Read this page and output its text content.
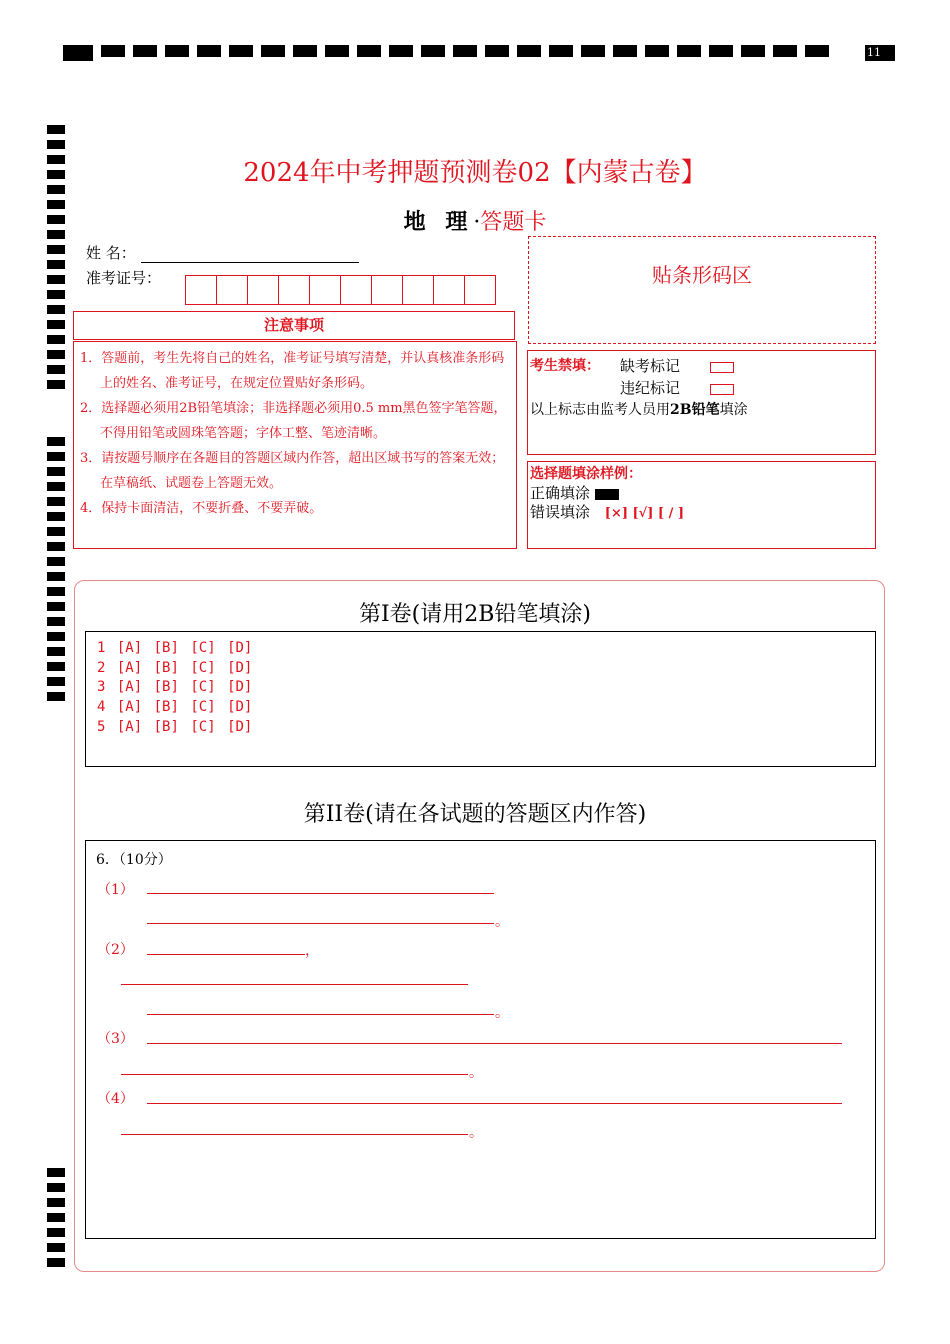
11
2024年中考押题预测卷02【内蒙古卷】
地 理·答题卡
姓 名：
准考证号：
注意事项
1．答题前，考生先将自己的姓名，准考证号填写清楚，并认真核准条形码上的姓名、准考证号，在规定位置贴好条形码。
2．选择题必须用2B铅笔填涂；非选择题必须用0.5 mm黑色签字笔答题，不得用铅笔或圆珠笔答题；字体工整、笔迹清晰。
3．请按题号顺序在各题目的答题区域内作答，超出区域书写的答案无效；在草稿纸、试题卷上答题无效。
4．保持卡面清洁，不要折叠、不要弄破。
贴条形码区
考生禁填： 缺考标记
违纪标记
以上标志由监考人员用2B铅笔填涂
选择题填涂样例：
正确填涂
错误填涂 [×] [√] [ / ]
第I卷(请用2B铅笔填涂)
1 [A] [B] [C] [D]
2 [A] [B] [C] [D]
3 [A] [B] [C] [D]
4 [A] [B] [C] [D]
5 [A] [B] [C] [D]
第II卷(请在各试题的答题区内作答)
6．（10分）
（1）
。
（2）	，
。
（3）
。
（4）
。
